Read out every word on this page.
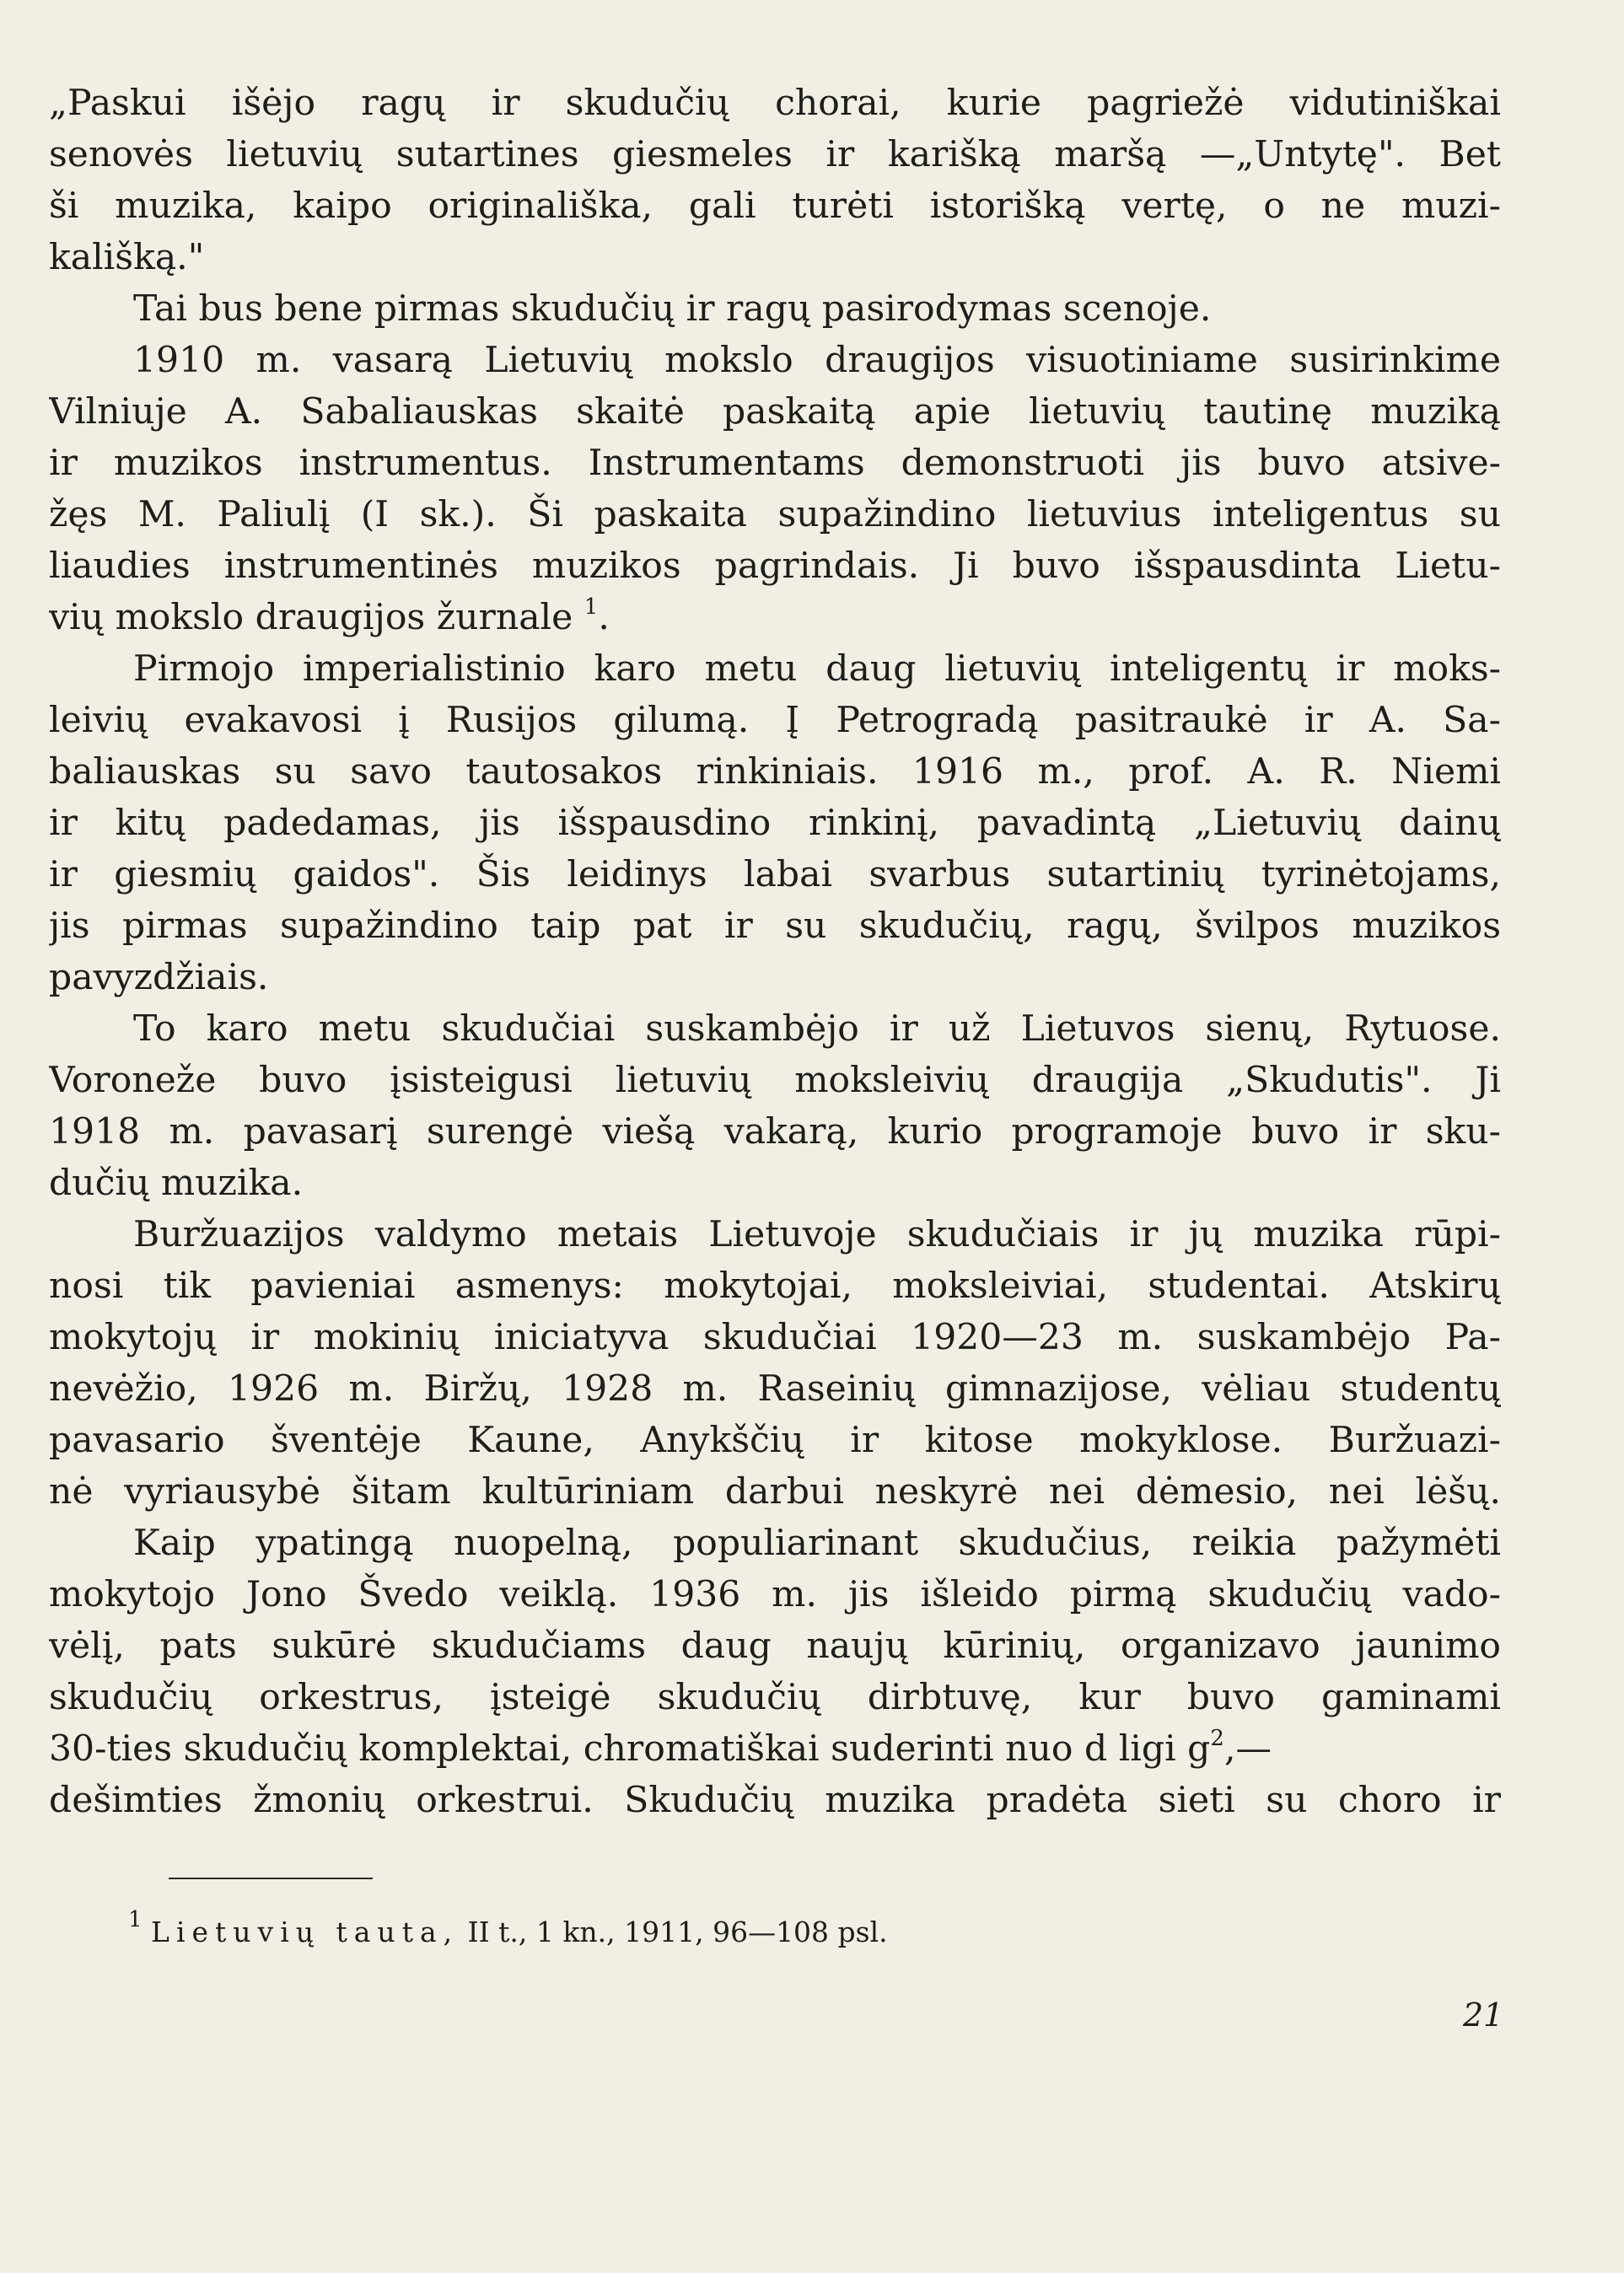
„Paskui išėjo ragų ir skudučių chorai, kurie pagriežė vidutiniškai
senovės lietuvių sutartines giesmeles ir karišką maršą —„Untytę". Bet
ši muzika, kaipo originališka, gali turėti istorišką vertę, o ne muzi-
kališką."
Tai bus bene pirmas skudučių ir ragų pasirodymas scenoje.
1910 m. vasarą Lietuvių mokslo draugijos visuotiniame susirinkime
Vilniuje A. Sabaliauskas skaitė paskaitą apie lietuvių tautinę muziką
ir muzikos instrumentus. Instrumentams demonstruoti jis buvo atsive-
žęs M. Paliulį (I sk.). Ši paskaita supažindino lietuvius inteligentus su
liaudies instrumentinės muzikos pagrindais. Ji buvo išspausdinta Lietu-
vių mokslo draugijos žurnale $^1$.
Pirmojo imperialistinio karo metu daug lietuvių inteligentų ir moks-
leivių evakavosi į Rusijos gilumą. Į Petrogradą pasitraukė ir A. Sa-
baliauskas su savo tautosakos rinkiniais. 1916 m., prof. A. R. Niemi
ir kitų padedamas, jis išspausdino rinkinį, pavadintą „Lietuvių dainų
ir giesmių gaidos". Šis leidinys labai svarbus sutartinių tyrinėtojams,
jis pirmas supažindino taip pat ir su skudučių, ragų, švilpos muzikos
pavyzdžiais.
To karo metu skudučiai suskambėjo ir už Lietuvos sienų, Rytuose.
Voroneže buvo įsisteigusi lietuvių moksleivių draugija „Skudutis". Ji
1918 m. pavasarį surengė viešą vakarą, kurio programoje buvo ir sku-
dučių muzika.
Buržuazijos valdymo metais Lietuvoje skudučiais ir jų muzika rūpi-
nosi tik pavieniai asmenys: mokytojai, moksleiviai, studentai. Atskirų
mokytojų ir mokinių iniciatyva skudučiai 1920—23 m. suskambėjo Pa-
nevėžio, 1926 m. Biržų, 1928 m. Raseinių gimnazijose, vėliau studentų
pavasario šventėje Kaune, Anykščių ir kitose mokyklose. Buržuazi-
nė vyriausybė šitam kultūriniam darbui neskyrė nei dėmesio, nei lėšų.
Kaip ypatingą nuopelną, populiarinant skudučius, reikia pažymėti
mokytojo Jono Švedo veiklą. 1936 m. jis išleido pirmą skudučių vado-
vėlį, pats sukūrė skudučiams daug naujų kūrinių, organizavo jaunimo
skudučių orkestrus, įsteigė skudučių dirbtuvę, kur buvo gaminami
30-ties skudučių komplektai, chromatiškai suderinti nuo d ligi $g^2,—$
dešimties žmonių orkestrui. Skudučių muzika pradėta sieti su choro ir
$^1$ Lietuvių tauta, II t., 1 kn., 1911, 96—108 psl.
21
